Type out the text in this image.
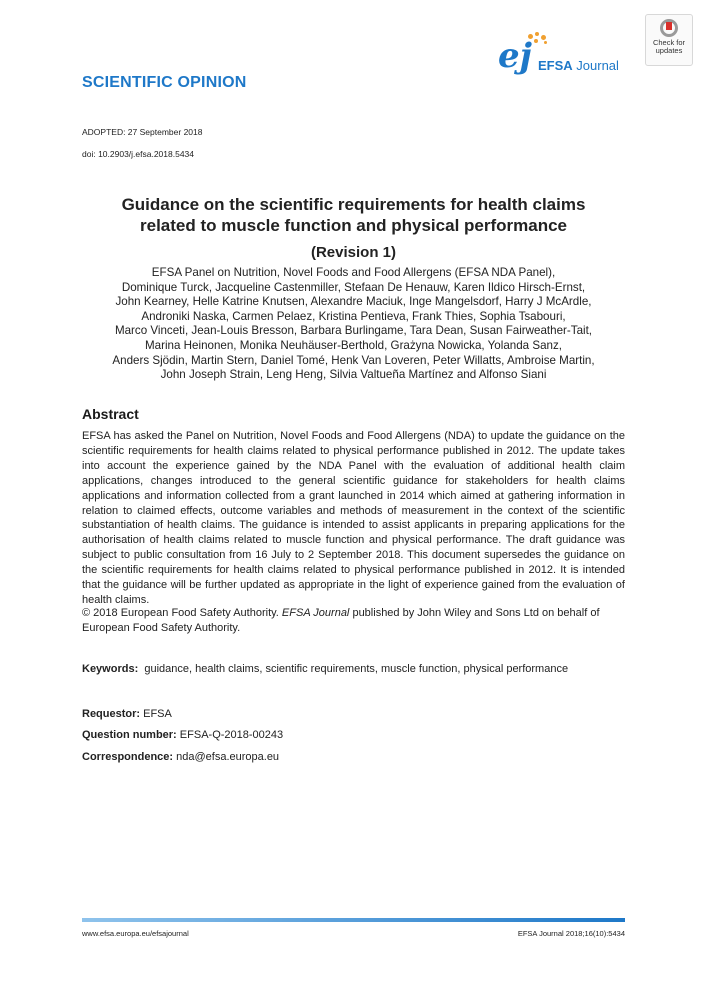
Check for
updates
SCIENTIFIC OPINION
ej EFSA Journal
ADOPTED: 27 September 2018
doi: 10.2903/j.efsa.2018.5434
Guidance on the scientific requirements for health claims
related to muscle function and physical performance
(Revision 1)
EFSA Panel on Nutrition, Novel Foods and Food Allergens (EFSA NDA Panel),
Dominique Turck, Jacqueline Castenmiller, Stefaan De Henauw, Karen Ildico Hirsch-Ernst,
John Kearney, Helle Katrine Knutsen, Alexandre Maciuk, Inge Mangelsdorf, Harry J McArdle,
Androniki Naska, Carmen Pelaez, Kristina Pentieva, Frank Thies, Sophia Tsabouri,
Marco Vinceti, Jean-Louis Bresson, Barbara Burlingame, Tara Dean, Susan Fairweather-Tait,
Marina Heinonen, Monika Neuhäuser-Berthold, Grażyna Nowicka, Yolanda Sanz,
Anders Sjödin, Martin Stern, Daniel Tomé, Henk Van Loveren, Peter Willatts, Ambroise Martin,
John Joseph Strain, Leng Heng, Silvia Valtueña Martínez and Alfonso Siani
Abstract
EFSA has asked the Panel on Nutrition, Novel Foods and Food Allergens (NDA) to update the guidance on the scientific requirements for health claims related to physical performance published in 2012. The update takes into account the experience gained by the NDA Panel with the evaluation of additional health claim applications, changes introduced to the general scientific guidance for stakeholders for health claims applications and information collected from a grant launched in 2014 which aimed at gathering information in relation to claimed effects, outcome variables and methods of measurement in the context of the scientific substantiation of health claims. The guidance is intended to assist applicants in preparing applications for the authorisation of health claims related to muscle function and physical performance. The draft guidance was subject to public consultation from 16 July to 2 September 2018. This document supersedes the guidance on the scientific requirements for health claims related to physical performance published in 2012. It is intended that the guidance will be further updated as appropriate in the light of experience gained from the evaluation of health claims.
© 2018 European Food Safety Authority. EFSA Journal published by John Wiley and Sons Ltd on behalf of European Food Safety Authority.
Keywords: guidance, health claims, scientific requirements, muscle function, physical performance
Requestor: EFSA
Question number: EFSA-Q-2018-00243
Correspondence: nda@efsa.europa.eu
www.efsa.europa.eu/efsajournal	EFSA Journal 2018;16(10):5434
